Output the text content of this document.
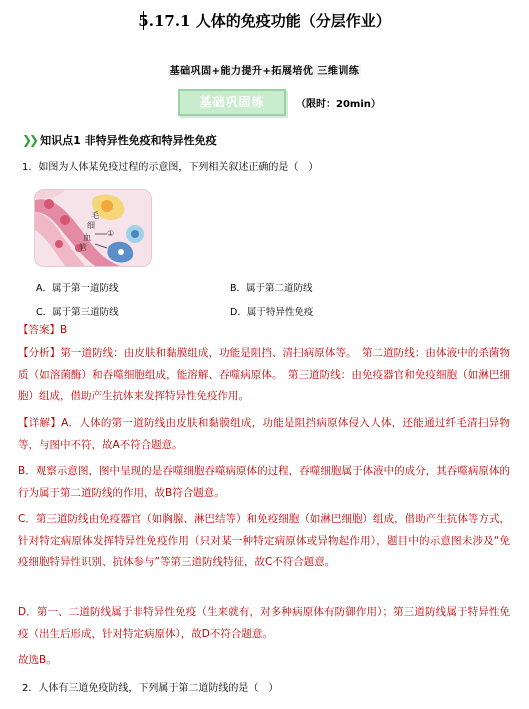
5.17.1 人体的免疫功能（分层作业）
基础巩固+能力提升+拓展培优 三维训练
基础巩固练	（限时：20min）
❯❯ 知识点1 非特异性免疫和特异性免疫
1．如图为人体某免疫过程的示意图，下列相关叙述正确的是（　）
毛
细
血
管
①
A．属于第一道防线	B．属于第二道防线
C．属于第三道防线	D．属于特异性免疫
【答案】B
【分析】第一道防线：由皮肤和黏膜组成，功能是阻挡、清扫病原体等。　第二道防线：由体液中的杀菌物质（如溶菌酶）和吞噬细胞组成，能溶解、吞噬病原体。　第三道防线：由免疫器官和免疫细胞（如淋巴细胞）组成，借助产生抗体来发挥特异性免疫作用。
【详解】A．人体的第一道防线由皮肤和黏膜组成，功能是阻挡病原体侵入人体，还能通过纤毛清扫异物等，与图中不符，故A不符合题意。
B．观察示意图，图中呈现的是吞噬细胞吞噬病原体的过程，吞噬细胞属于体液中的成分，其吞噬病原体的行为属于第二道防线的作用，故B符合题意。
C．第三道防线由免疫器官（如胸腺、淋巴结等）和免疫细胞（如淋巴细胞）组成，借助产生抗体等方式，针对特定病原体发挥特异性免疫作用（只对某一种特定病原体或异物起作用），题目中的示意图未涉及“免疫细胞特异性识别、抗体参与”等第三道防线特征，故C不符合题意。
D．第一、二道防线属于非特异性免疫（生来就有，对多种病原体有防御作用）；第三道防线属于特异性免疫（出生后形成，针对特定病原体），故D不符合题意。
故选B。
2．人体有三道免疫防线，下列属于第二道防线的是（　）
